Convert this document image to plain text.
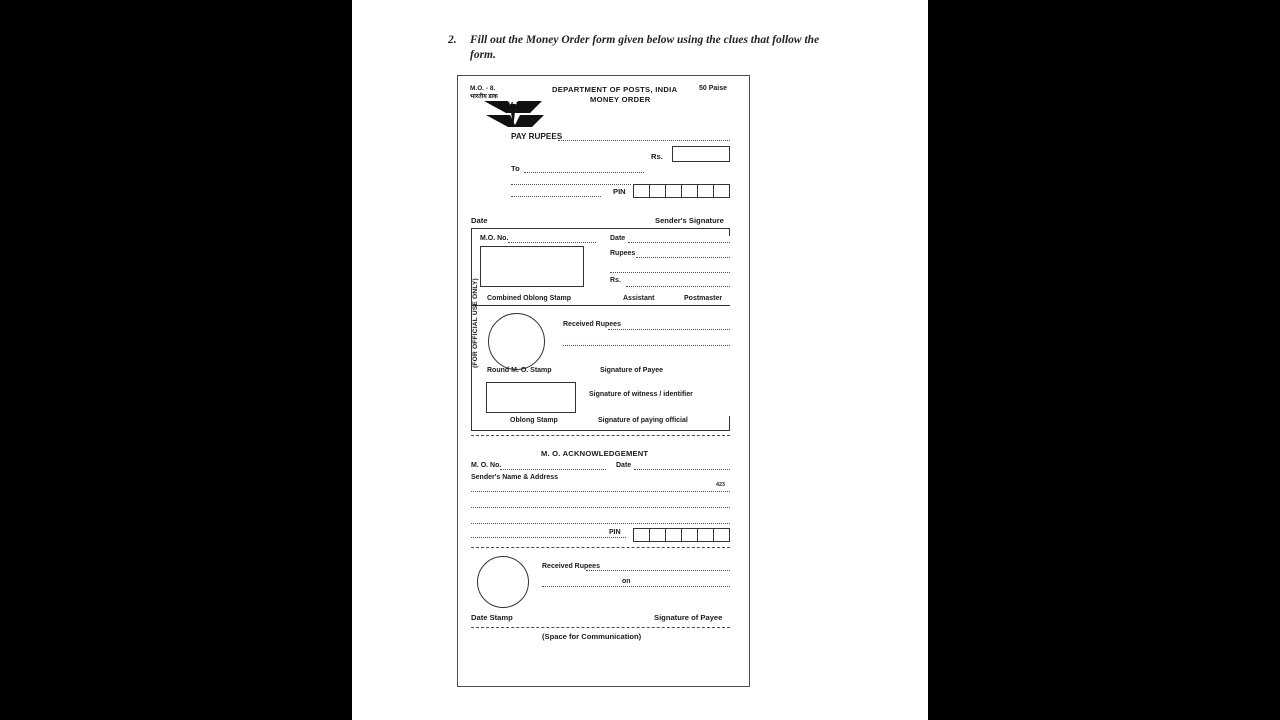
2.	Fill out the Money Order form given below using the clues that follow the form.
M.O. - 8.
भारतीय डाक
DEPARTMENT OF POSTS, INDIA
MONEY ORDER
50 Paise
INDIA POST
PAY RUPEES
Rs.
To
PIN
Date	Sender's Signature
(FOR OFFICIAL USE ONLY)
M.O. No.	Date
Rupees
Rs.
Combined Oblong Stamp	Assistant	Postmaster
Received Rupees
Round M. O. Stamp	Signature of Payee
Signature of witness / identifier
Oblong Stamp	Signature of paying official
M. O. ACKNOWLEDGEMENT
M. O. No.	Date
Sender's Name & Address
423
PIN
Received Rupees
on
Date Stamp	Signature of Payee
(Space for Communication)
